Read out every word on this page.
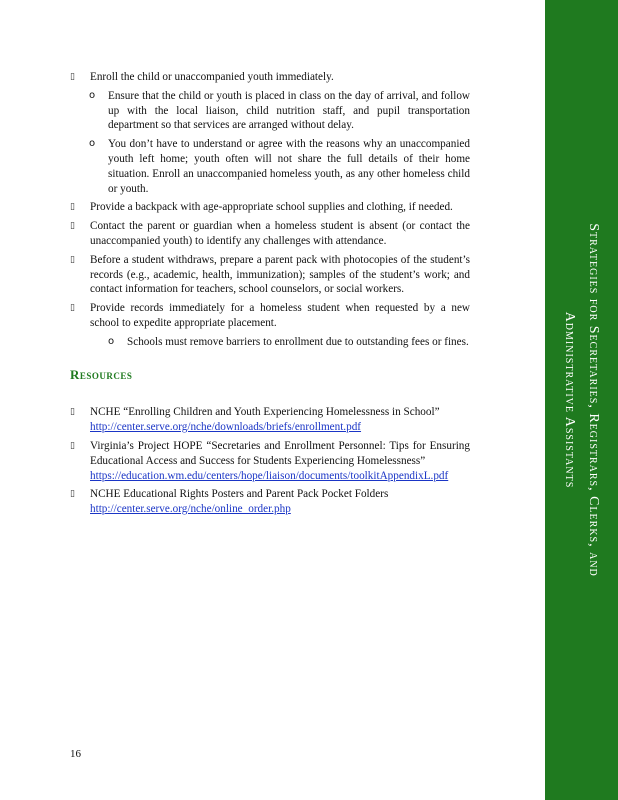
▯	Enroll the child or unaccompanied youth immediately.
o Ensure that the child or youth is placed in class on the day of arrival, and follow up with the local liaison, child nutrition staff, and pupil transportation department so that services are arranged without delay.
o You don’t have to understand or agree with the reasons why an unaccompanied youth left home; youth often will not share the full details of their home situation. Enroll an unaccompanied homeless youth, as any other homeless child or youth.
▯	Provide a backpack with age-appropriate school supplies and clothing, if needed.
▯	Contact the parent or guardian when a homeless student is absent (or contact the unaccompanied youth) to identify any challenges with attendance.
▯	Before a student withdraws, prepare a parent pack with photocopies of the student’s records (e.g., academic, health, immunization); samples of the student’s work; and contact information for teachers, school counselors, or social workers.
▯	Provide records immediately for a homeless student when requested by a new school to expedite appropriate placement.
o Schools must remove barriers to enrollment due to outstanding fees or fines.
RESOURCES
▯	NCHE “Enrolling Children and Youth Experiencing Homelessness in School”
http://center.serve.org/nche/downloads/briefs/enrollment.pdf
▯	Virginia’s Project HOPE “Secretaries and Enrollment Personnel: Tips for Ensuring Educational Access and Success for Students Experiencing Homelessness”
https://education.wm.edu/centers/hope/liaison/documents/toolkitAppendixL.pdf
▯	NCHE Educational Rights Posters and Parent Pack Pocket Folders
http://center.serve.org/nche/online_order.php
16
Strategies for Secretaries, Registrars, Clerks, and
Administrative Assistants
